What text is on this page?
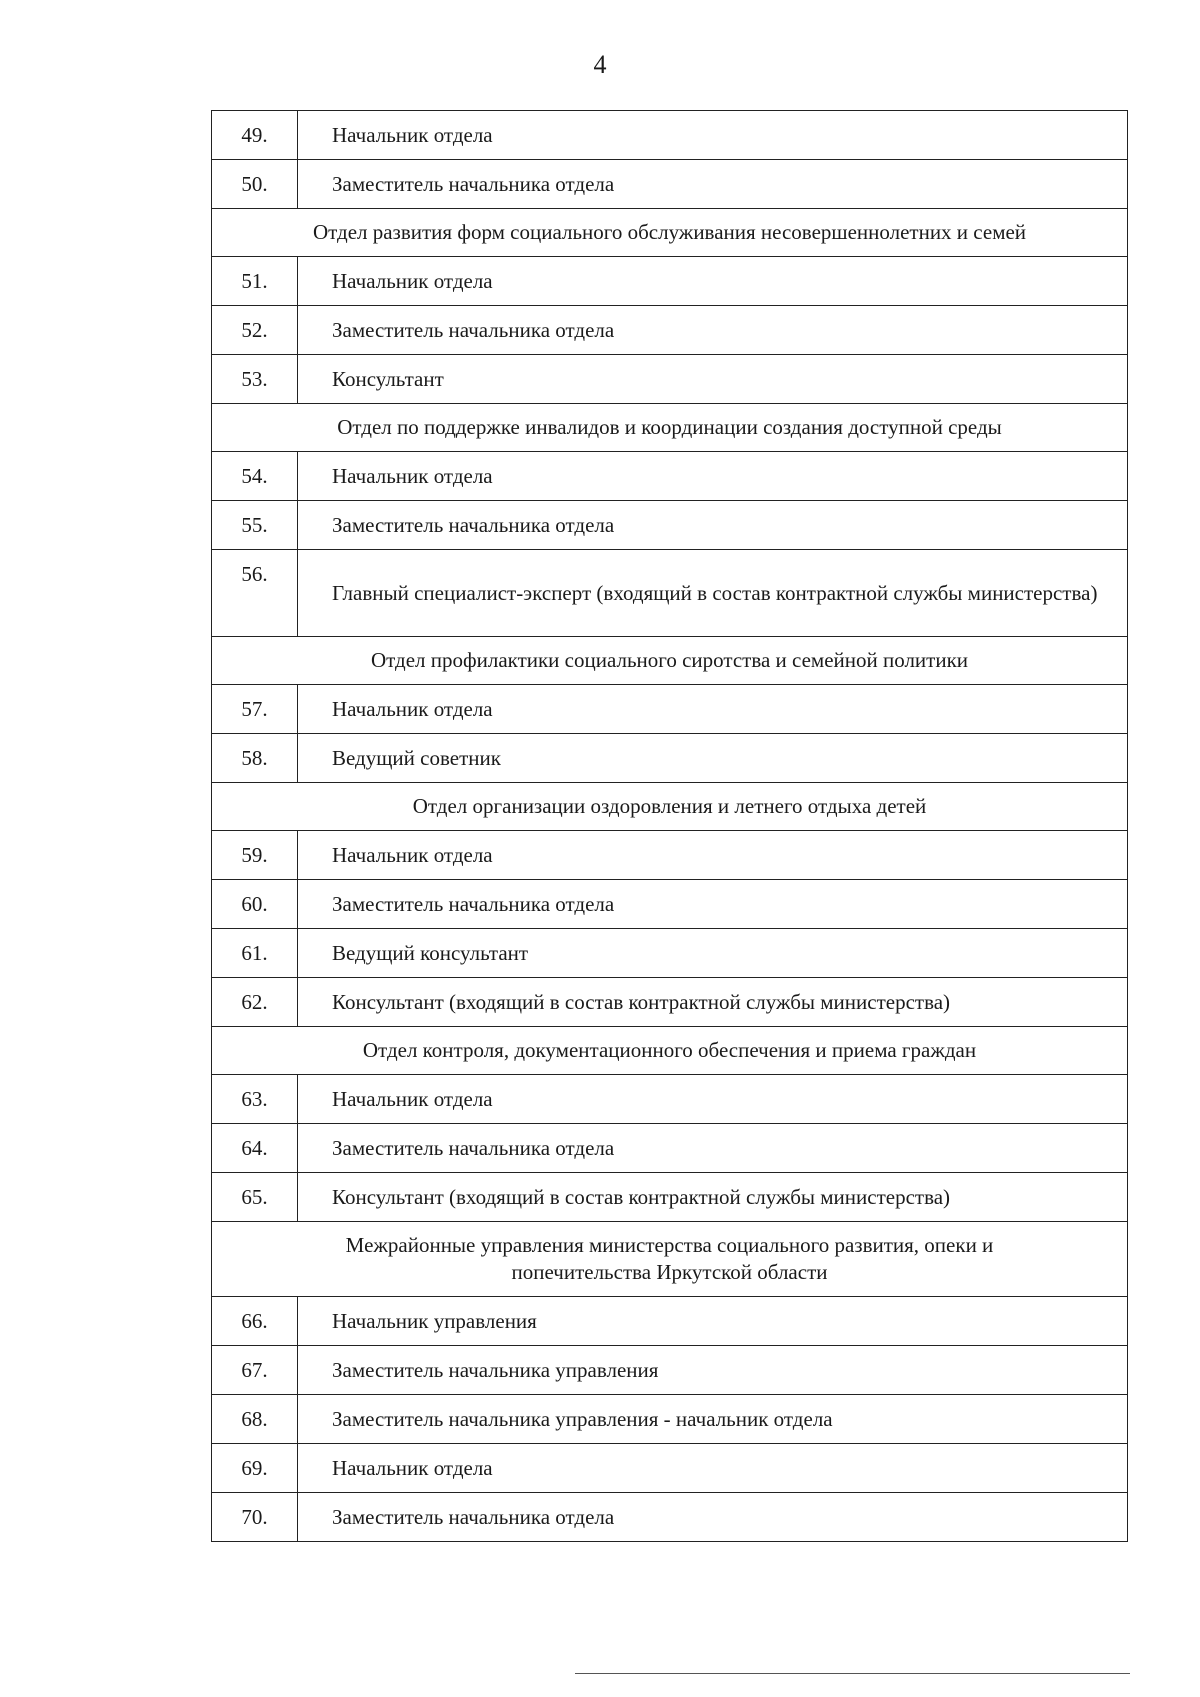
4
49.	Начальник отдела
50.	Заместитель начальника отдела
Отдел развития форм социального обслуживания несовершеннолетних и семей	
51.	Начальник отдела
52.	Заместитель начальника отдела
53.	Консультант
Отдел по поддержке инвалидов и координации создания доступной среды	
54.	Начальник отдела
55.	Заместитель начальника отдела
56.	Главный специалист-эксперт (входящий в состав контрактной службы министерства)
Отдел профилактики социального сиротства и семейной политики	
57.	Начальник отдела
58.	Ведущий советник
Отдел организации оздоровления и летнего отдыха детей	
59.	Начальник отдела
60.	Заместитель начальника отдела
61.	Ведущий консультант
62.	Консультант (входящий в состав контрактной службы министерства)
Отдел контроля, документационного обеспечения и приема граждан	
63.	Начальник отдела
64.	Заместитель начальника отдела
65.	Консультант (входящий в состав контрактной службы министерства)
Межрайонные управления министерства социального развития, опеки и попечительства Иркутской области	
66.	Начальник управления
67.	Заместитель начальника управления
68.	Заместитель начальника управления - начальник отдела
69.	Начальник отдела
70.	Заместитель начальника отдела
